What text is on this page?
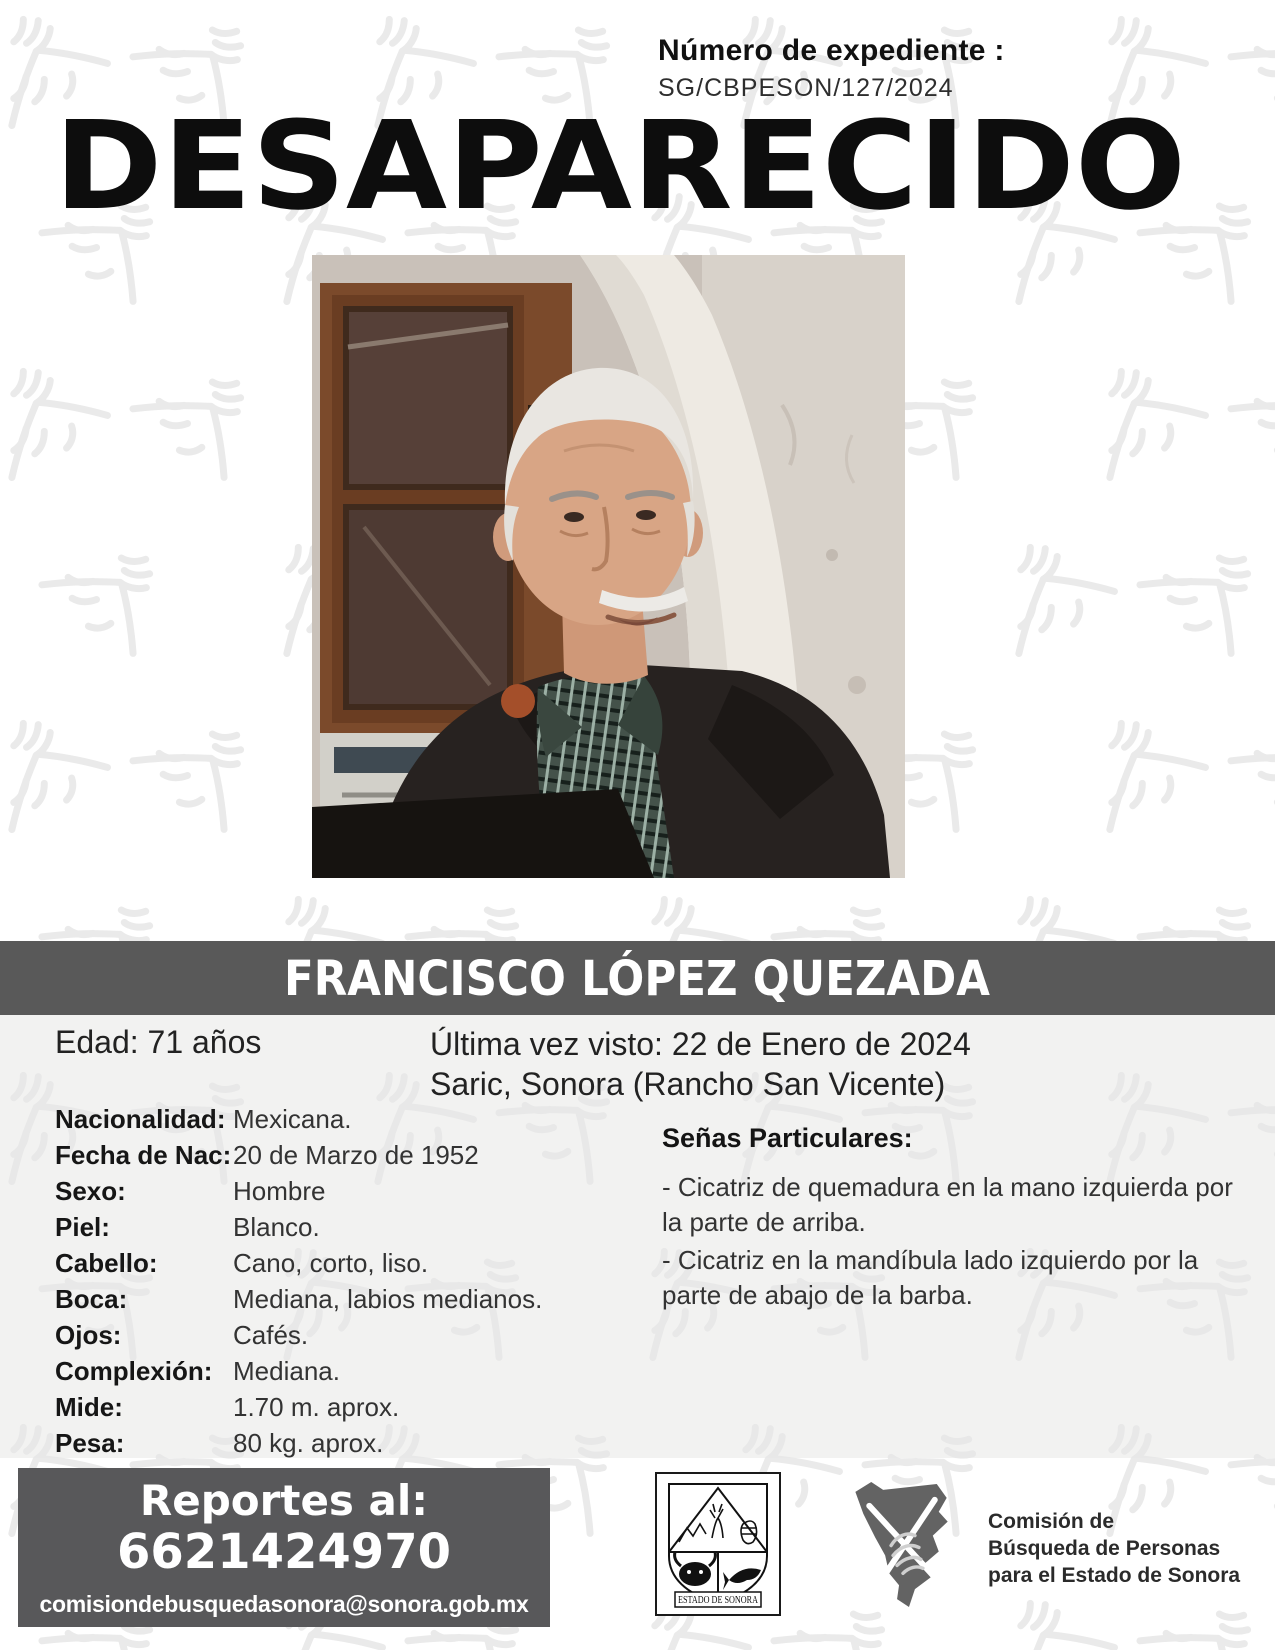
Número de expediente :
SG/CBPESON/127/2024
DESAPARECIDO
FRANCISCO LÓPEZ QUEZADA
Edad: 71 años	Última vez visto: 22 de Enero de 2024
Saric, Sonora (Rancho San Vicente)
Nacionalidad: Mexicana.
Fecha de Nac:20 de Marzo de 1952
Sexo:	Hombre
Piel:	Blanco.
Cabello:	Cano, corto, liso.
Boca:	Mediana, labios medianos.
Ojos:	Cafés.
Complexión: Mediana.
Mide:	1.70 m. aprox.
Pesa:	80 kg. aprox.
Señas Particulares:
- Cicatriz de quemadura en la mano izquierda por la parte de arriba.
- Cicatriz en la mandíbula lado izquierdo por la parte de abajo de la barba.
Reportes al:
6621424970
comisiondebusquedasonora@sonora.gob.mx	ESTADO DE SONORA
Comisión de
Búsqueda de Personas
para el Estado de Sonora
